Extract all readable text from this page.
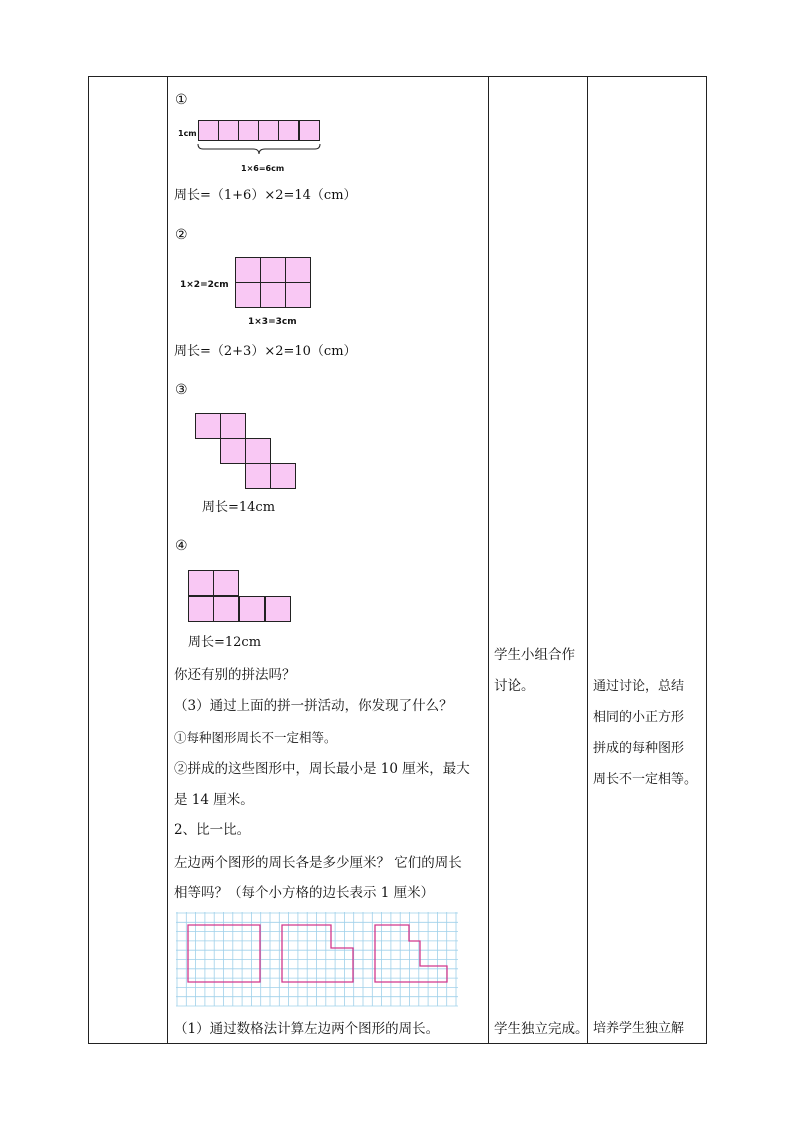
①
1cm
1×6=6cm
周长=（1+6）×2=14（cm）
②
1×2=2cm
1×3=3cm
周长=（2+3）×2=10（cm）
③
周长=14cm
④
周长=12cm
你还有别的拼法吗？
（3）通过上面的拼一拼活动，你发现了什么？
①每种图形周长不一定相等。
②拼成的这些图形中，周长最小是 10 厘米，最大
是 14 厘米。
2、比一比。
左边两个图形的周长各是多少厘米？ 它们的周长
相等吗？（每个小方格的边长表示 1 厘米）
（1）通过数格法计算左边两个图形的周长。
学生小组合作
讨论。
学生独立完成。
通过讨论，总结
相同的小正方形
拼成的每种图形
周长不一定相等。
培养学生独立解
